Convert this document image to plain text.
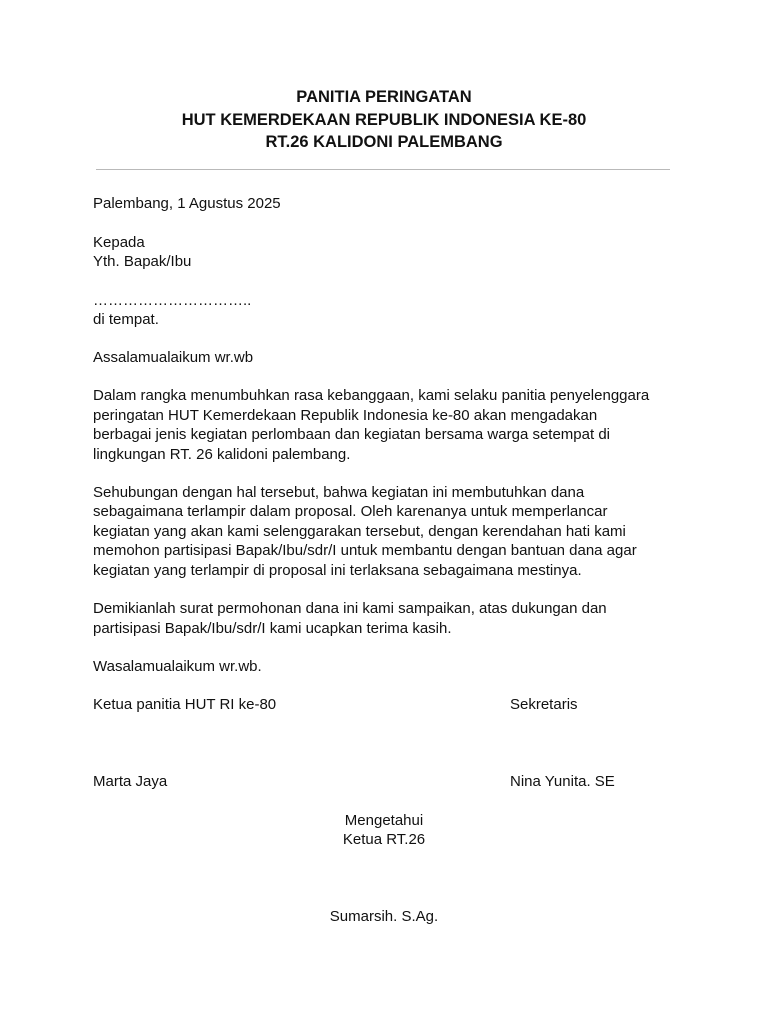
PANITIA PERINGATAN
HUT KEMERDEKAAN REPUBLIK INDONESIA KE-80
RT.26 KALIDONI PALEMBANG
Palembang, 1 Agustus 2025
Kepada
Yth. Bapak/Ibu
…………………………..
di tempat.
Assalamualaikum wr.wb
Dalam rangka menumbuhkan rasa kebanggaan, kami selaku panitia penyelenggara
peringatan HUT Kemerdekaan Republik Indonesia ke-80 akan mengadakan
berbagai jenis kegiatan perlombaan dan kegiatan bersama warga setempat di
lingkungan RT. 26 kalidoni palembang.
Sehubungan dengan hal tersebut, bahwa kegiatan ini membutuhkan dana
sebagaimana terlampir dalam proposal. Oleh karenanya untuk memperlancar
kegiatan yang akan kami selenggarakan tersebut, dengan kerendahan hati kami
memohon partisipasi Bapak/Ibu/sdr/I untuk membantu dengan bantuan dana agar
kegiatan yang terlampir di proposal ini terlaksana sebagaimana mestinya.
Demikianlah surat permohonan dana ini kami sampaikan, atas dukungan dan
partisipasi Bapak/Ibu/sdr/I kami ucapkan terima kasih.
Wasalamualaikum wr.wb.
Ketua panitia HUT RI ke-80	Sekretaris
Marta Jaya	Nina Yunita. SE
Mengetahui
Ketua RT.26
Sumarsih. S.Ag.
